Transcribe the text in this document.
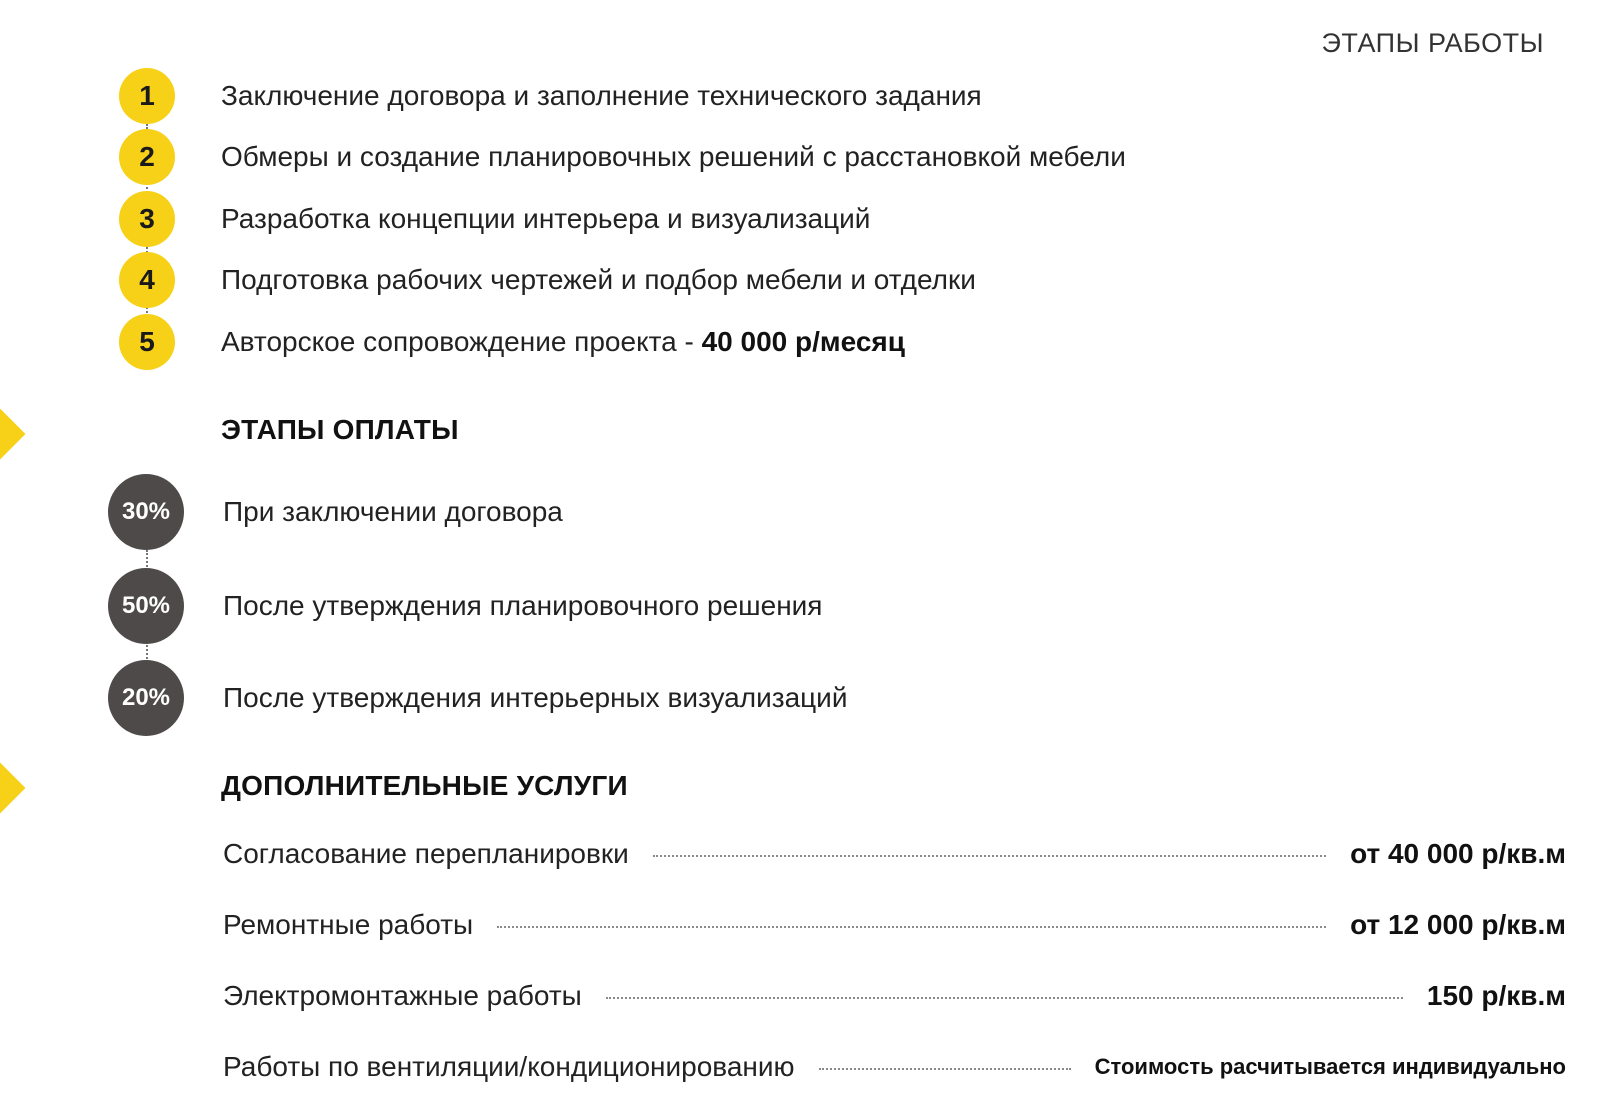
ЭТАПЫ РАБОТЫ
1	Заключение договора и заполнение технического задания
2	Обмеры и создание планировочных решений с расстановкой мебели
3	Разработка концепции интерьера и визуализаций
4	Подготовка рабочих чертежей и подбор мебели и отделки
5	Авторское сопровождение проекта - 40 000 р/месяц
ЭТАПЫ ОПЛАТЫ
30%	При заключении договора
50%	После утверждения планировочного решения
20%	После утверждения интерьерных визуализаций
ДОПОЛНИТЕЛЬНЫЕ УСЛУГИ
Согласование перепланировки	от 40 000 р/кв.м
Ремонтные работы	от 12 000 р/кв.м
Электромонтажные работы	150 р/кв.м
Работы по вентиляции/кондиционированию	Стоимость расчитывается индивидуально
